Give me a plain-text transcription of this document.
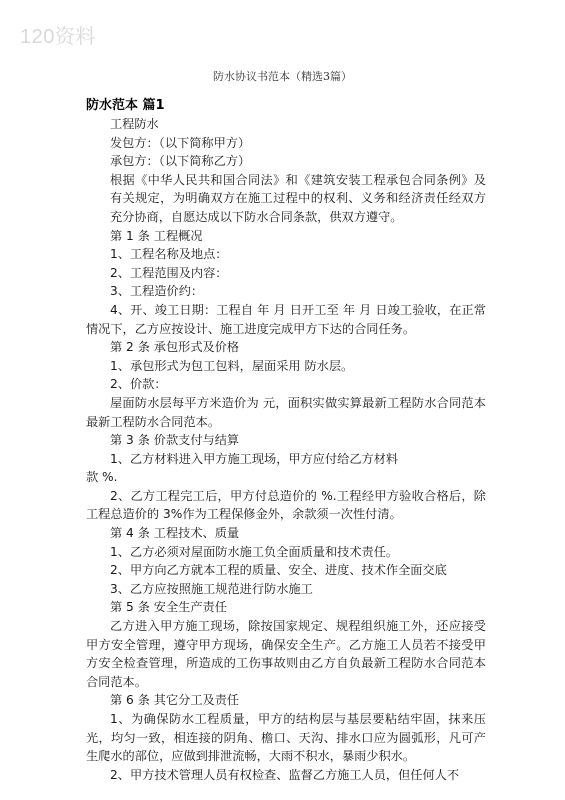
120资料
防水协议书范本（精选3篇）

防水范本 篇1

工程防水

发包方：（以下简称甲方）

承包方：（以下简称乙方）

根据《中华人民共和国合同法》和《建筑安装工程承包合同条例》及有关规定，为明确双方在施工过程中的权利、义务和经济责任经双方充分协商，自愿达成以下防水合同条款，供双方遵守。

第 1 条 工程概况

1、工程名称及地点：

2、工程范围及内容：

3、工程造价约：

4、开、竣工日期：工程自 年 月 日开工至 年 月 日竣工验收，在正常情况下，乙方应按设计、施工进度完成甲方下达的合同任务。

第 2 条 承包形式及价格

1、承包形式为包工包料，屋面采用 防水层。

2、价款：

屋面防水层每平方米造价为 元，面积实做实算最新工程防水合同范本最新工程防水合同范本。

第 3 条 价款支付与结算

1、乙方材料进入甲方施工现场，甲方应付给乙方材料

款 %.

2、乙方工程完工后，甲方付总造价的 %.工程经甲方验收合格后，除工程总造价的 3%作为工程保修金外，余款须一次性付清。

第 4 条 工程技术、质量

1、乙方必须对屋面防水施工负全面质量和技术责任。

2、甲方向乙方就本工程的质量、安全、进度、技术作全面交底

3、乙方应按照施工规范进行防水施工

第 5 条 安全生产责任

乙方进入甲方施工现场，除按国家规定、规程组织施工外，还应接受甲方安全管理，遵守甲方现场，确保安全生产。乙方施工人员若不接受甲方安全检查管理，所造成的工伤事故则由乙方自负最新工程防水合同范本合同范本。

第 6 条 其它分工及责任

1、为确保防水工程质量，甲方的结构层与基层要粘结牢固，抹来压光，均匀一致，相连接的阴角、檐口、天沟、排水口应为圆弧形，凡可产生爬水的部位，应做到排泄流畅，大雨不积水，暴雨少积水。

2、甲方技术管理人员有权检查、监督乙方施工人员，但任何人不
